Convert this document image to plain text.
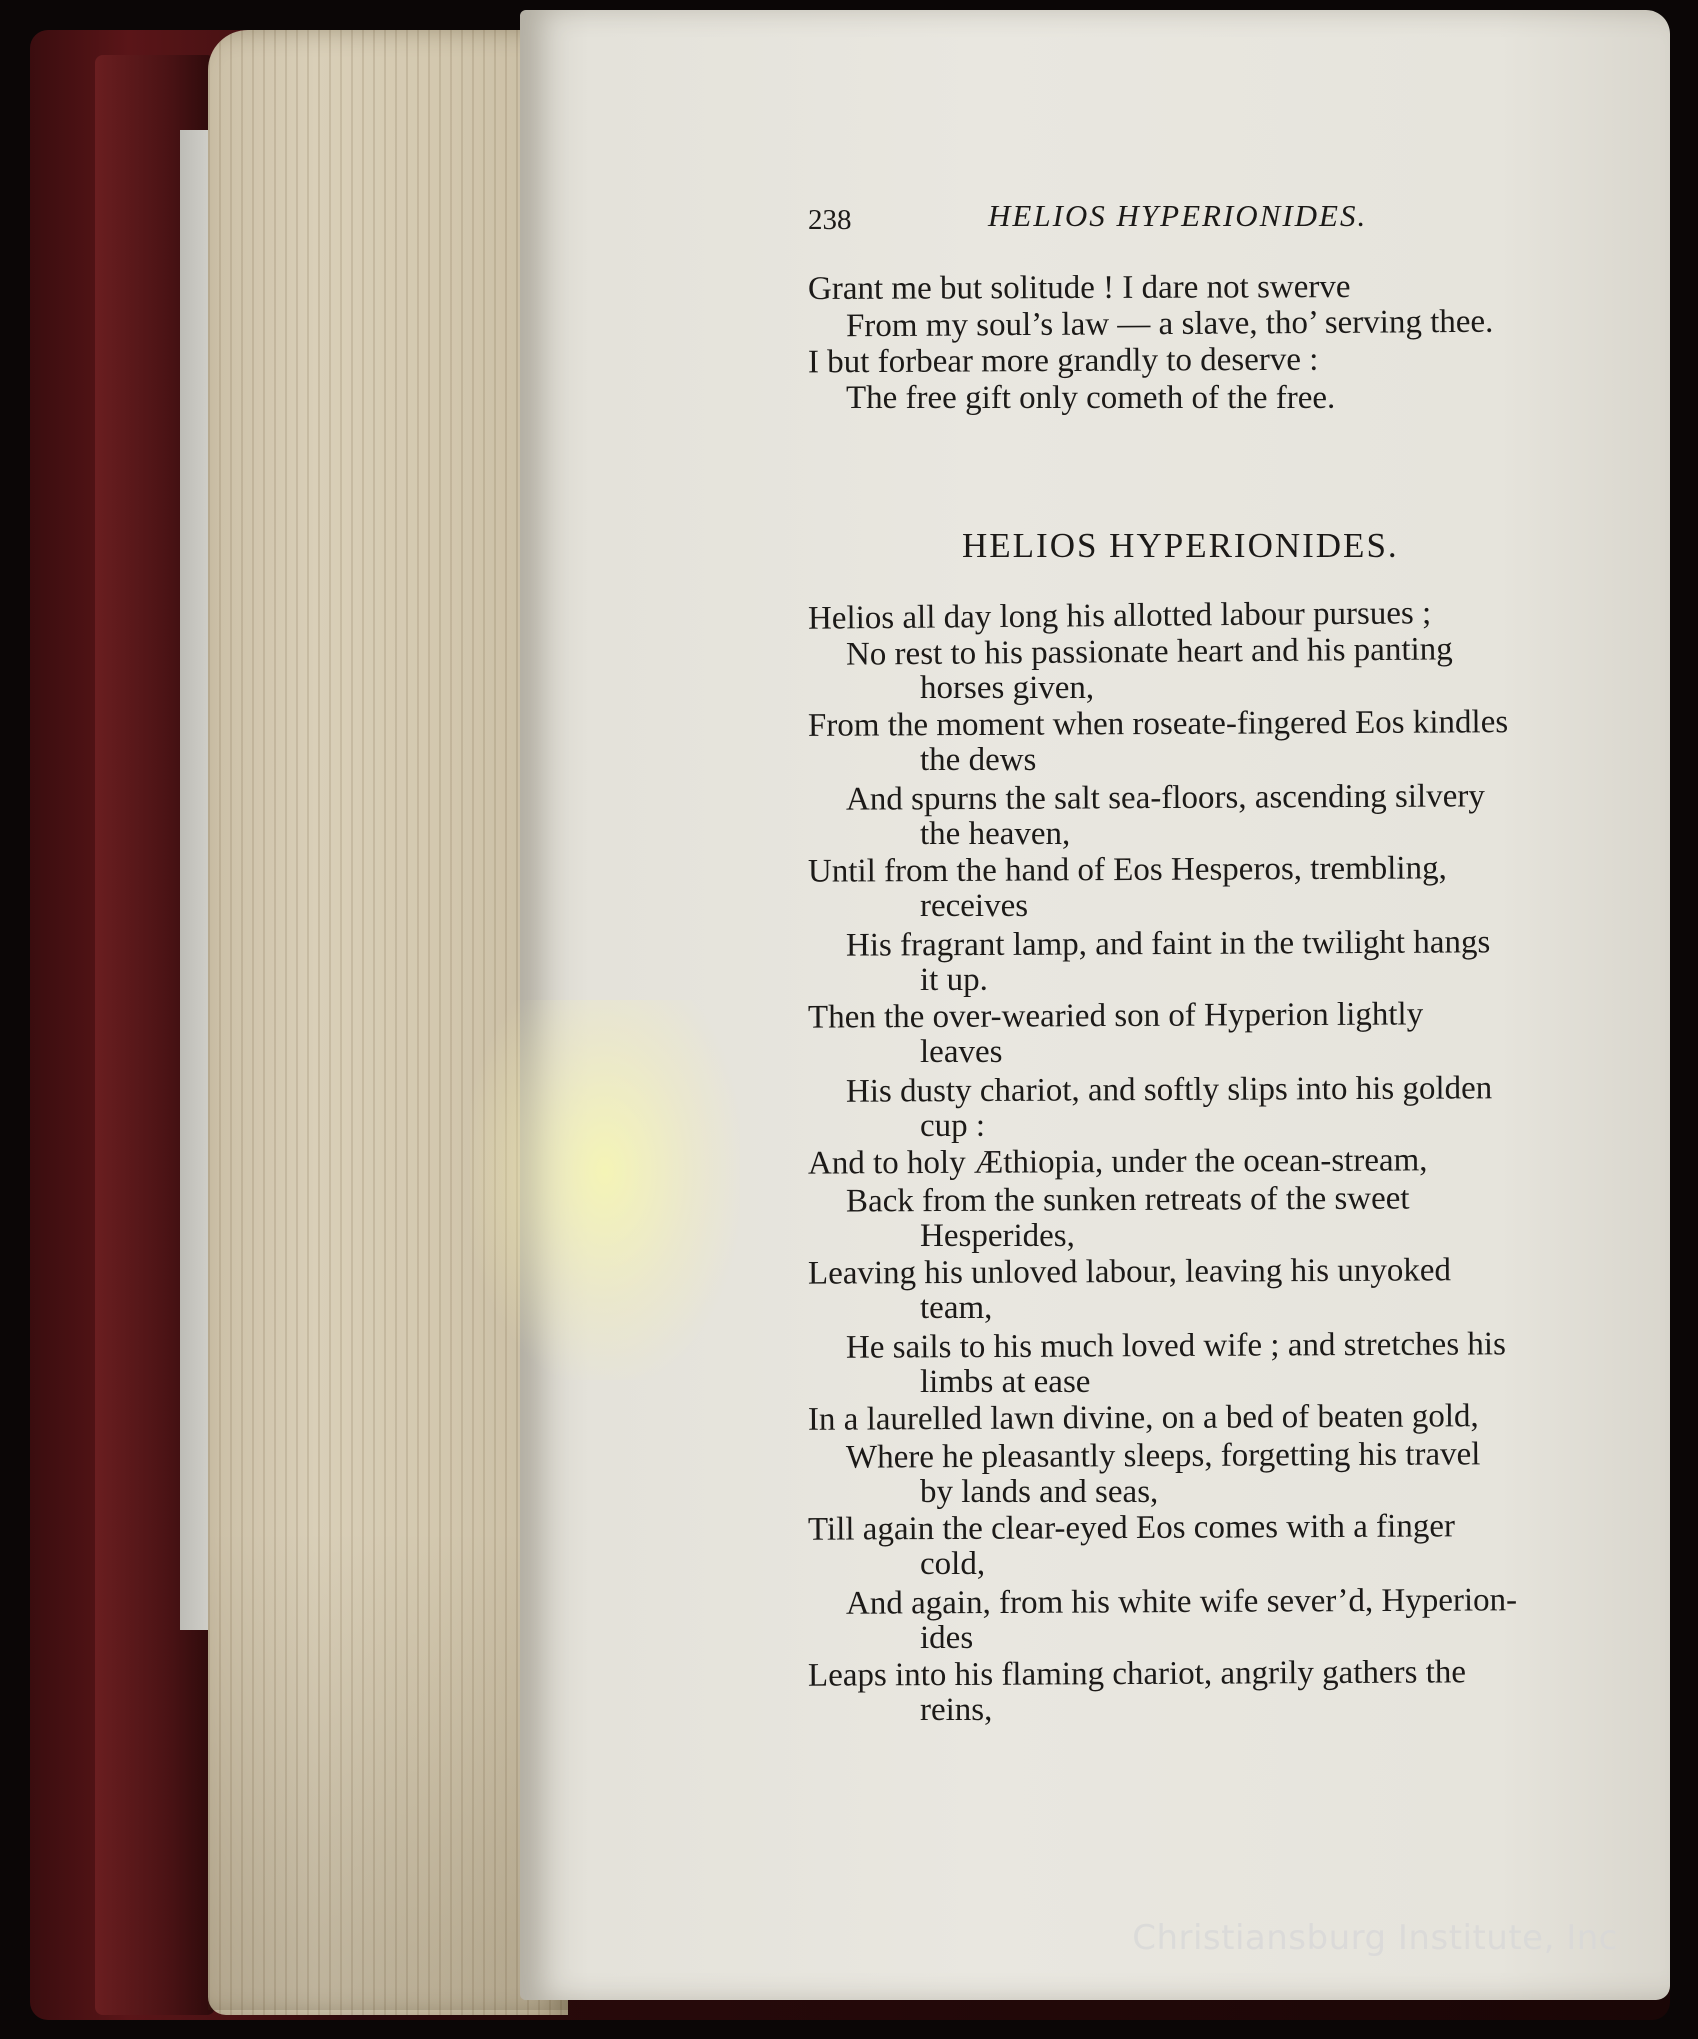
238	HELIOS HYPERIONIDES.
Grant me but solitude ! I dare not swerve
From my soul’s law — a slave, tho’ serving thee.
I but forbear more grandly to deserve :
The free gift only cometh of the free.
HELIOS HYPERIONIDES.
Helios all day long his allotted labour pursues ;
No rest to his passionate heart and his panting
horses given,
From the moment when roseate-fingered Eos kindles
the dews
And spurns the salt sea-floors, ascending silvery
the heaven,
Until from the hand of Eos Hesperos, trembling,
receives
His fragrant lamp, and faint in the twilight hangs
it up.
Then the over-wearied son of Hyperion lightly
leaves
His dusty chariot, and softly slips into his golden
cup :
And to holy Æthiopia, under the ocean-stream,
Back from the sunken retreats of the sweet
Hesperides,
Leaving his unloved labour, leaving his unyoked
team,
He sails to his much loved wife ; and stretches his
limbs at ease
In a laurelled lawn divine, on a bed of beaten gold,
Where he pleasantly sleeps, forgetting his travel
by lands and seas,
Till again the clear-eyed Eos comes with a finger
cold,
And again, from his white wife sever’d, Hyperion-
ides
Leaps into his flaming chariot, angrily gathers the
reins,
Christiansburg Institute, Inc
